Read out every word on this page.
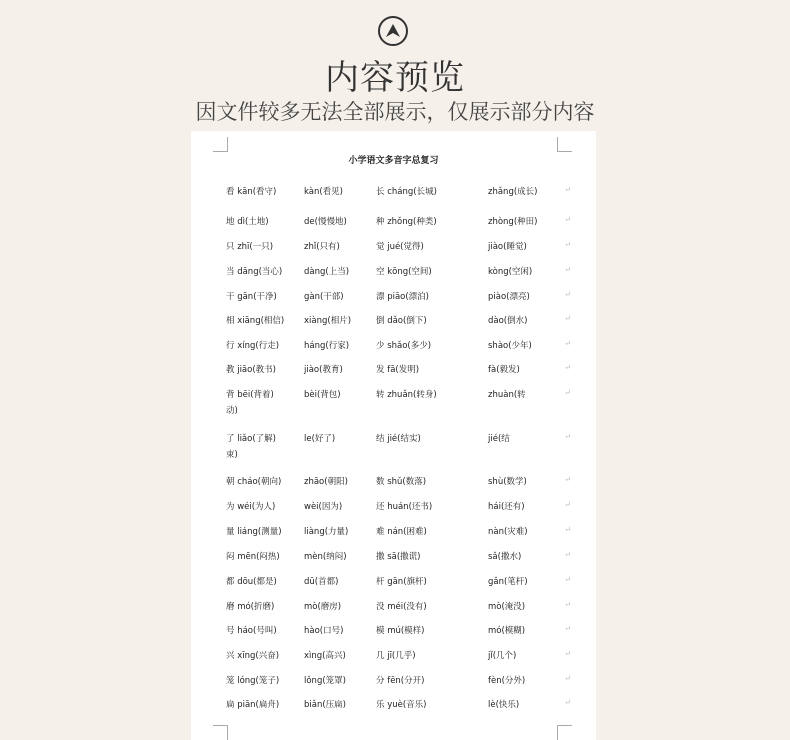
内容预览
因文件较多无法全部展示，仅展示部分内容
小学语文多音字总复习
看 kān(看守)	kàn(看见)	长 cháng(长城)	zhǎng(成长)	↵
地 dì(土地)	de(慢慢地)	种 zhǒng(种类)	zhòng(种田)	↵
只 zhī(一只)	zhǐ(只有)	觉 jué(觉得)	jiào(睡觉)	↵
当 dāng(当心)	dàng(上当)	空 kōng(空间)	kòng(空闲)	↵
干 gān(干净)	gàn(干部)	漂 piāo(漂泊)	piào(漂亮)	↵
相 xiāng(相信) xiàng(相片)	倒 dǎo(倒下)	dào(倒水)	↵
行 xíng(行走)	háng(行家)	少 shǎo(多少)	shào(少年)	↵
教 jiāo(教书)	jiào(教育)	发 fā(发明)	fà(毅发)	↵
背 bēi(背着)	bèi(背包)	转 zhuǎn(转身)	zhuàn(转
动)
↵
了 liǎo(了解)	le(好了)	结 jié(结实)	jié(结
束)
↵
朝 cháo(朝向)	zhāo(朝阳)	数 shǔ(数落)	shù(数学)	↵
为 wéi(为人)	wèi(因为)	还 huán(还书)	hái(还有)	↵
量 liáng(测量)	liàng(力量)	难 nán(困难)	nàn(灾难)	↵
闷 mēn(闷热)	mèn(纳闷)	撒 sā(撒谎)	sǎ(撒水)	↵
都 dōu(都是)	dū(首都)	杆 gān(旗杆)	gǎn(笔杆)	↵
磨 mó(折磨)	mò(磨房)	没 méi(没有)	mò(淹没)	↵
号 háo(号叫)	hào(口号)	模 mú(模样)	mó(模糊)	↵
兴 xīng(兴奋)	xìng(高兴)	几 jī(几乎)	jǐ(几个)	↵
笼 lóng(笼子)	lǒng(笼罩)	分 fēn(分开)	fèn(分外)	↵
扁 piān(扁舟)	biǎn(压扁)	乐 yuè(音乐)	lè(快乐)	↵
